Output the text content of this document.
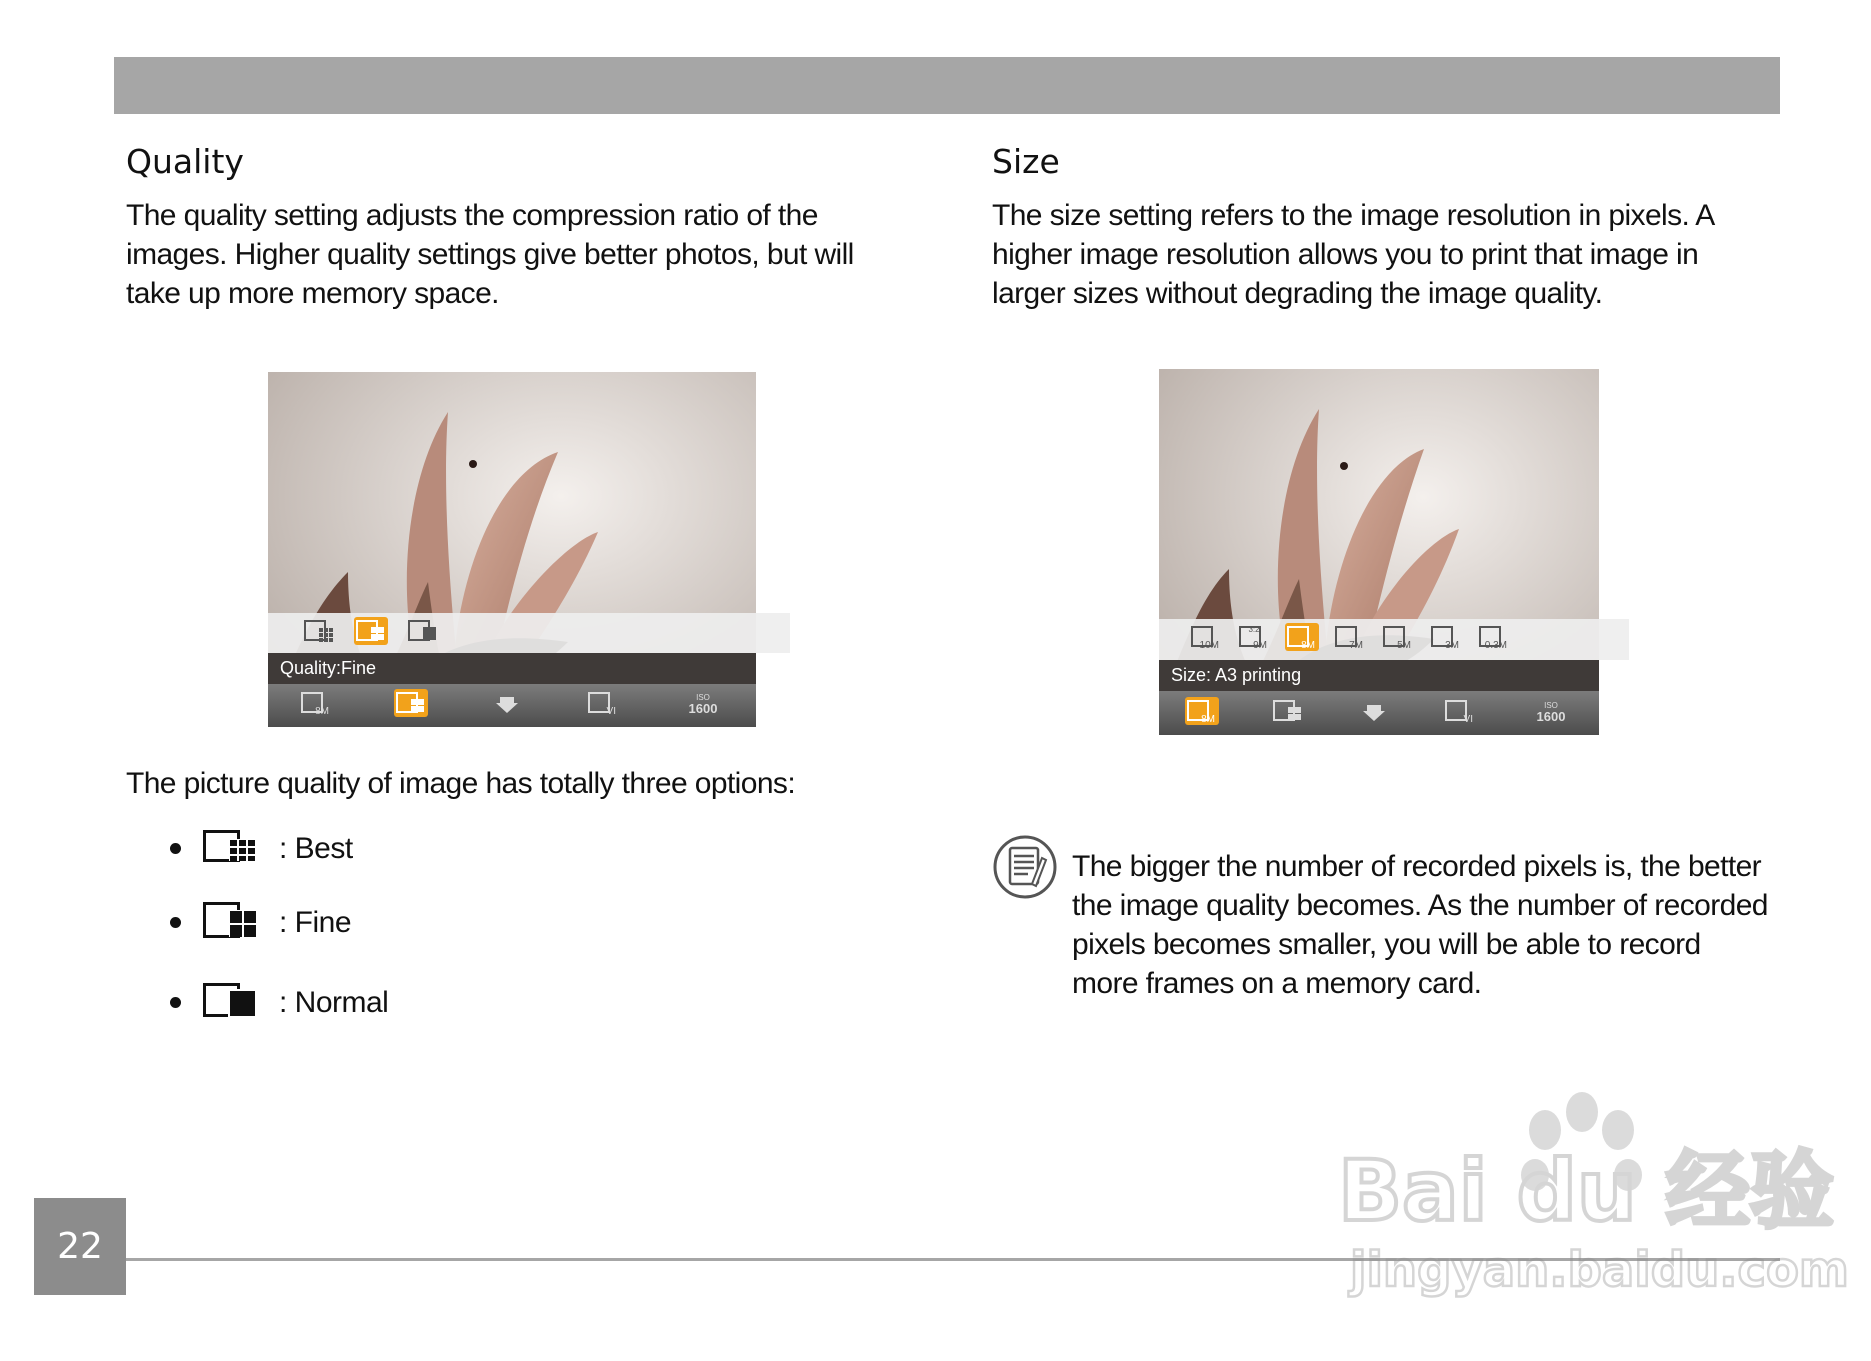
Quality

The quality setting adjusts the compression ratio of the images. Higher quality settings give better photos, but will take up more memory space.

Quality:Fine
8M	VI
ISO
1600

The picture quality of image has totally three options:

: Best
: Fine
: Normal
Size

The size setting refers to the image resolution in pixels. A higher image resolution allows you to print that image in larger sizes without degrading the image quality.

10M	9M
3:2
8M	7M	5M	3M	0.3M
Size: A3 printing
8M	VI
ISO
1600

The bigger the number of recorded pixels is, the better the image quality becomes. As the number of recorded pixels becomes smaller, you will be able to record more frames on a memory card.

22
Bai du 经验
jingyan.baidu.com
